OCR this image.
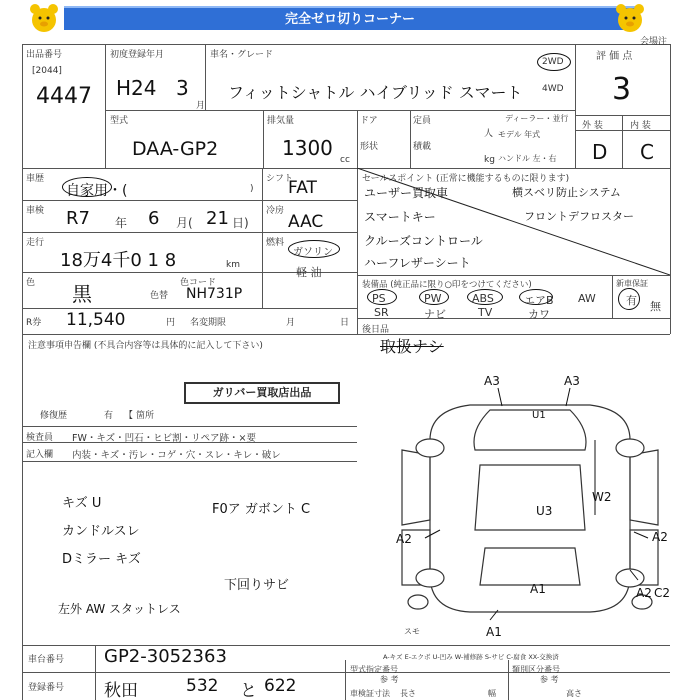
完全ゼロ切りコーナー
出品番号
[2044]
4447
初度登録年月
H24 3
月
車名・グレード
フィットシャトル ハイブリッド スマート
2WD
4WD
評 価 点
3
会場注
型式
DAA-GP2
排気量
1300 cc
ドア
形状
定員
積載
人
kg
ディーラー・並行
モデル 年式
ハンドル 左・右
外 装	内 装
D C
車歴
自家用・(	)
シフト
FAT
車検 R7 年 6 月( 21 日)
冷房
AAC
走行
18万4千0 1 8	km
燃料
ガソリン
軽 油
色 黒	色替
色コード
NH731P
R券 11,540	円 名変期限	月	日
セールスポイント (正常に機能するものに限ります)
ユーザー買取車
スマートキー
クルーズコントロール
ハーフレザーシート
横スベリ防止システム
フロントデフロスター
装備品 (純正品に限り○印をつけてください)	新車保証
PS	PW	ABS	エアB AW
SR	ナビ	TV	カワ
有 無
後日品
取扱ナシ
注意事項申告欄 (不具合内容等は具体的に記入して下さい)
ガリバー買取店出品
修復歴	有 【 箇所
検査員
記入欄
FW・キズ・凹石・ヒビ割・リペア跡・×要
内装・キズ・汚レ・コゲ・穴・スレ・キレ・破レ
キズ U
カンドルスレ
Dミラー キズ
左外 AW スタットレス
F0ア ガボント C
下回りサビ
A3	A3
U1
A2
U3
W2
A2
A1	A2 C2
A1
スモ
A-キズ E-エクボ U-凹み W-補修跡 S-サビ C-腐食 XX-交換済
車台番号 GP2-3052363
登録番号 秋田	532 と 622
型式指定番号	類別区分番号
参 考	参 考
車検証寸法 長さ	幅	高さ
